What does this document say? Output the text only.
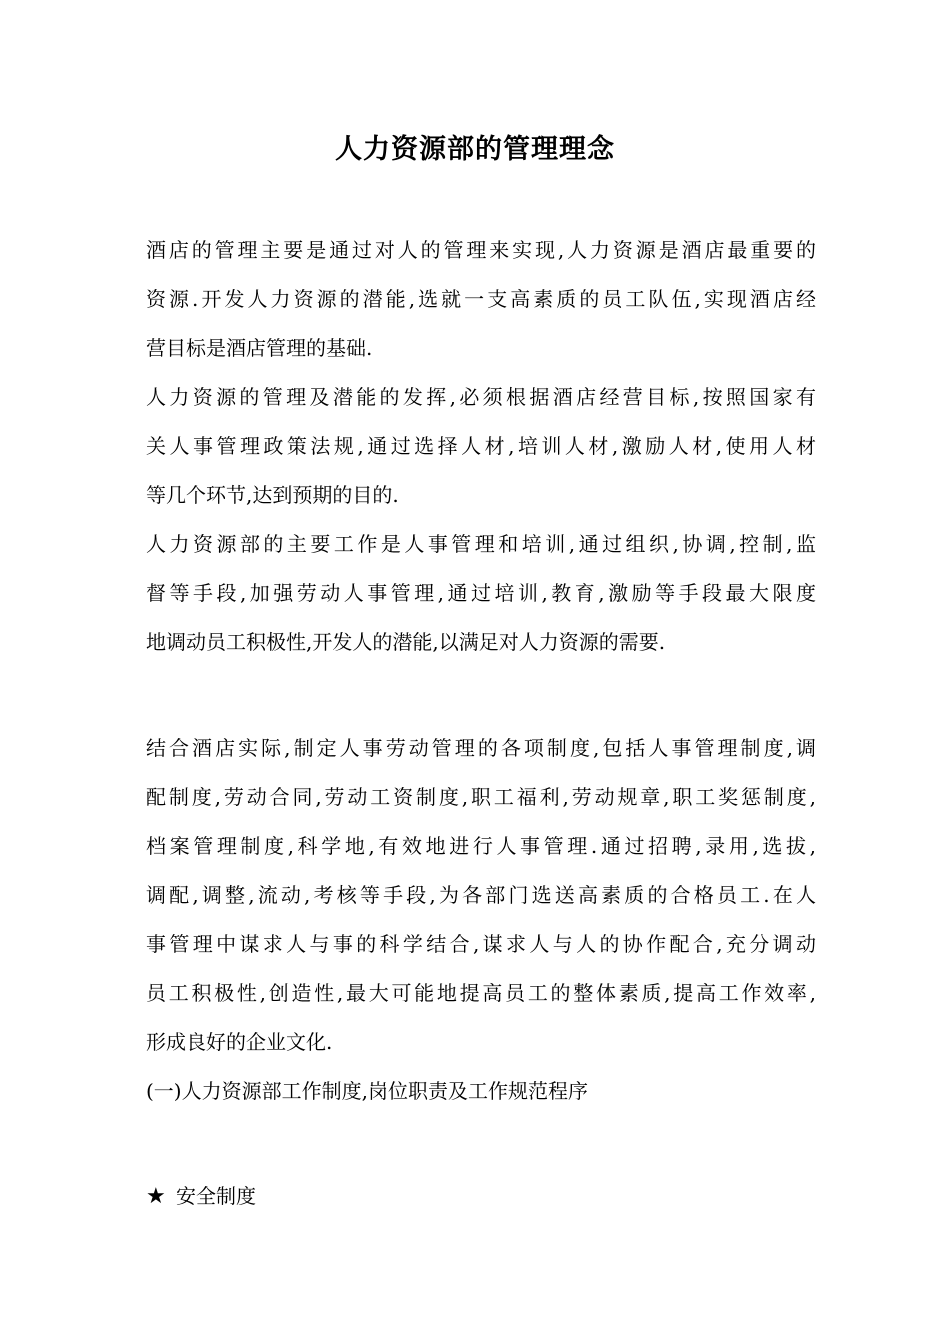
人力资源部的管理理念
酒店的管理主要是通过对人的管理来实现,人力资源是酒店最重要的
资源.开发人力资源的潜能,选就一支高素质的员工队伍,实现酒店经
营目标是酒店管理的基础.
人力资源的管理及潜能的发挥,必须根据酒店经营目标,按照国家有
关人事管理政策法规,通过选择人材,培训人材,激励人材,使用人材
等几个环节,达到预期的目的.
人力资源部的主要工作是人事管理和培训,通过组织,协调,控制,监
督等手段,加强劳动人事管理,通过培训,教育,激励等手段最大限度
地调动员工积极性,开发人的潜能,以满足对人力资源的需要.
结合酒店实际,制定人事劳动管理的各项制度,包括人事管理制度,调
配制度,劳动合同,劳动工资制度,职工福利,劳动规章,职工奖惩制度,
档案管理制度,科学地,有效地进行人事管理.通过招聘,录用,选拔,
调配,调整,流动,考核等手段,为各部门选送高素质的合格员工.在人
事管理中谋求人与事的科学结合,谋求人与人的协作配合,充分调动
员工积极性,创造性,最大可能地提高员工的整体素质,提高工作效率,
形成良好的企业文化.
(一)人力资源部工作制度,岗位职责及工作规范程序
★ 安全制度
